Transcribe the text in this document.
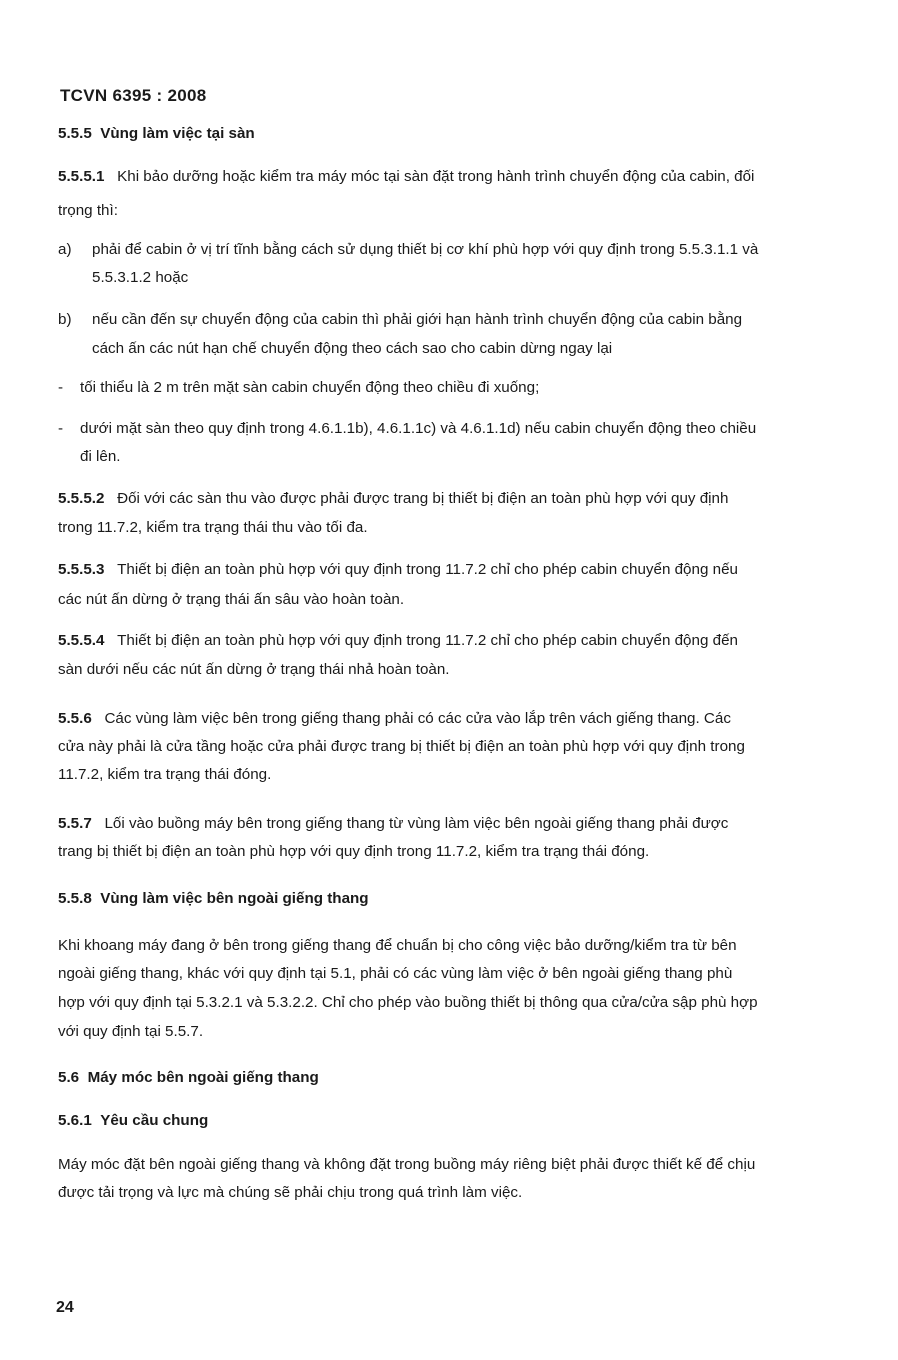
TCVN 6395 : 2008
5.5.5 Vùng làm việc tại sàn
5.5.5.1 Khi bảo dưỡng hoặc kiểm tra máy móc tại sàn đặt trong hành trình chuyển động của cabin, đối
trọng thì:
a) phải để cabin ở vị trí tĩnh bằng cách sử dụng thiết bị cơ khí phù hợp với quy định trong 5.5.3.1.1 và
5.5.3.1.2 hoặc
b) nếu cần đến sự chuyển động của cabin thì phải giới hạn hành trình chuyển động của cabin bằng
cách ấn các nút hạn chế chuyển động theo cách sao cho cabin dừng ngay lại
- tối thiểu là 2 m trên mặt sàn cabin chuyển động theo chiều đi xuống;
- dưới mặt sàn theo quy định trong 4.6.1.1b), 4.6.1.1c) và 4.6.1.1d) nếu cabin chuyển động theo chiều
đi lên.
5.5.5.2 Đối với các sàn thu vào được phải được trang bị thiết bị điện an toàn phù hợp với quy định
trong 11.7.2, kiểm tra trạng thái thu vào tối đa.
5.5.5.3 Thiết bị điện an toàn phù hợp với quy định trong 11.7.2 chỉ cho phép cabin chuyển động nếu
các nút ấn dừng ở trạng thái ấn sâu vào hoàn toàn.
5.5.5.4 Thiết bị điện an toàn phù hợp với quy định trong 11.7.2 chỉ cho phép cabin chuyển động đến
sàn dưới nếu các nút ấn dừng ở trạng thái nhả hoàn toàn.
5.5.6 Các vùng làm việc bên trong giếng thang phải có các cửa vào lắp trên vách giếng thang. Các
cửa này phải là cửa tầng hoặc cửa phải được trang bị thiết bị điện an toàn phù hợp với quy định trong
11.7.2, kiểm tra trạng thái đóng.
5.5.7 Lối vào buồng máy bên trong giếng thang từ vùng làm việc bên ngoài giếng thang phải được
trang bị thiết bị điện an toàn phù hợp với quy định trong 11.7.2, kiểm tra trạng thái đóng.
5.5.8 Vùng làm việc bên ngoài giếng thang
Khi khoang máy đang ở bên trong giếng thang để chuẩn bị cho công việc bảo dưỡng/kiểm tra từ bên
ngoài giếng thang, khác với quy định tại 5.1, phải có các vùng làm việc ở bên ngoài giếng thang phù
hợp với quy định tại 5.3.2.1 và 5.3.2.2. Chỉ cho phép vào buồng thiết bị thông qua cửa/cửa sập phù hợp
với quy định tại 5.5.7.
5.6 Máy móc bên ngoài giếng thang
5.6.1 Yêu cầu chung
Máy móc đặt bên ngoài giếng thang và không đặt trong buồng máy riêng biệt phải được thiết kế để chịu
được tải trọng và lực mà chúng sẽ phải chịu trong quá trình làm việc.
24
